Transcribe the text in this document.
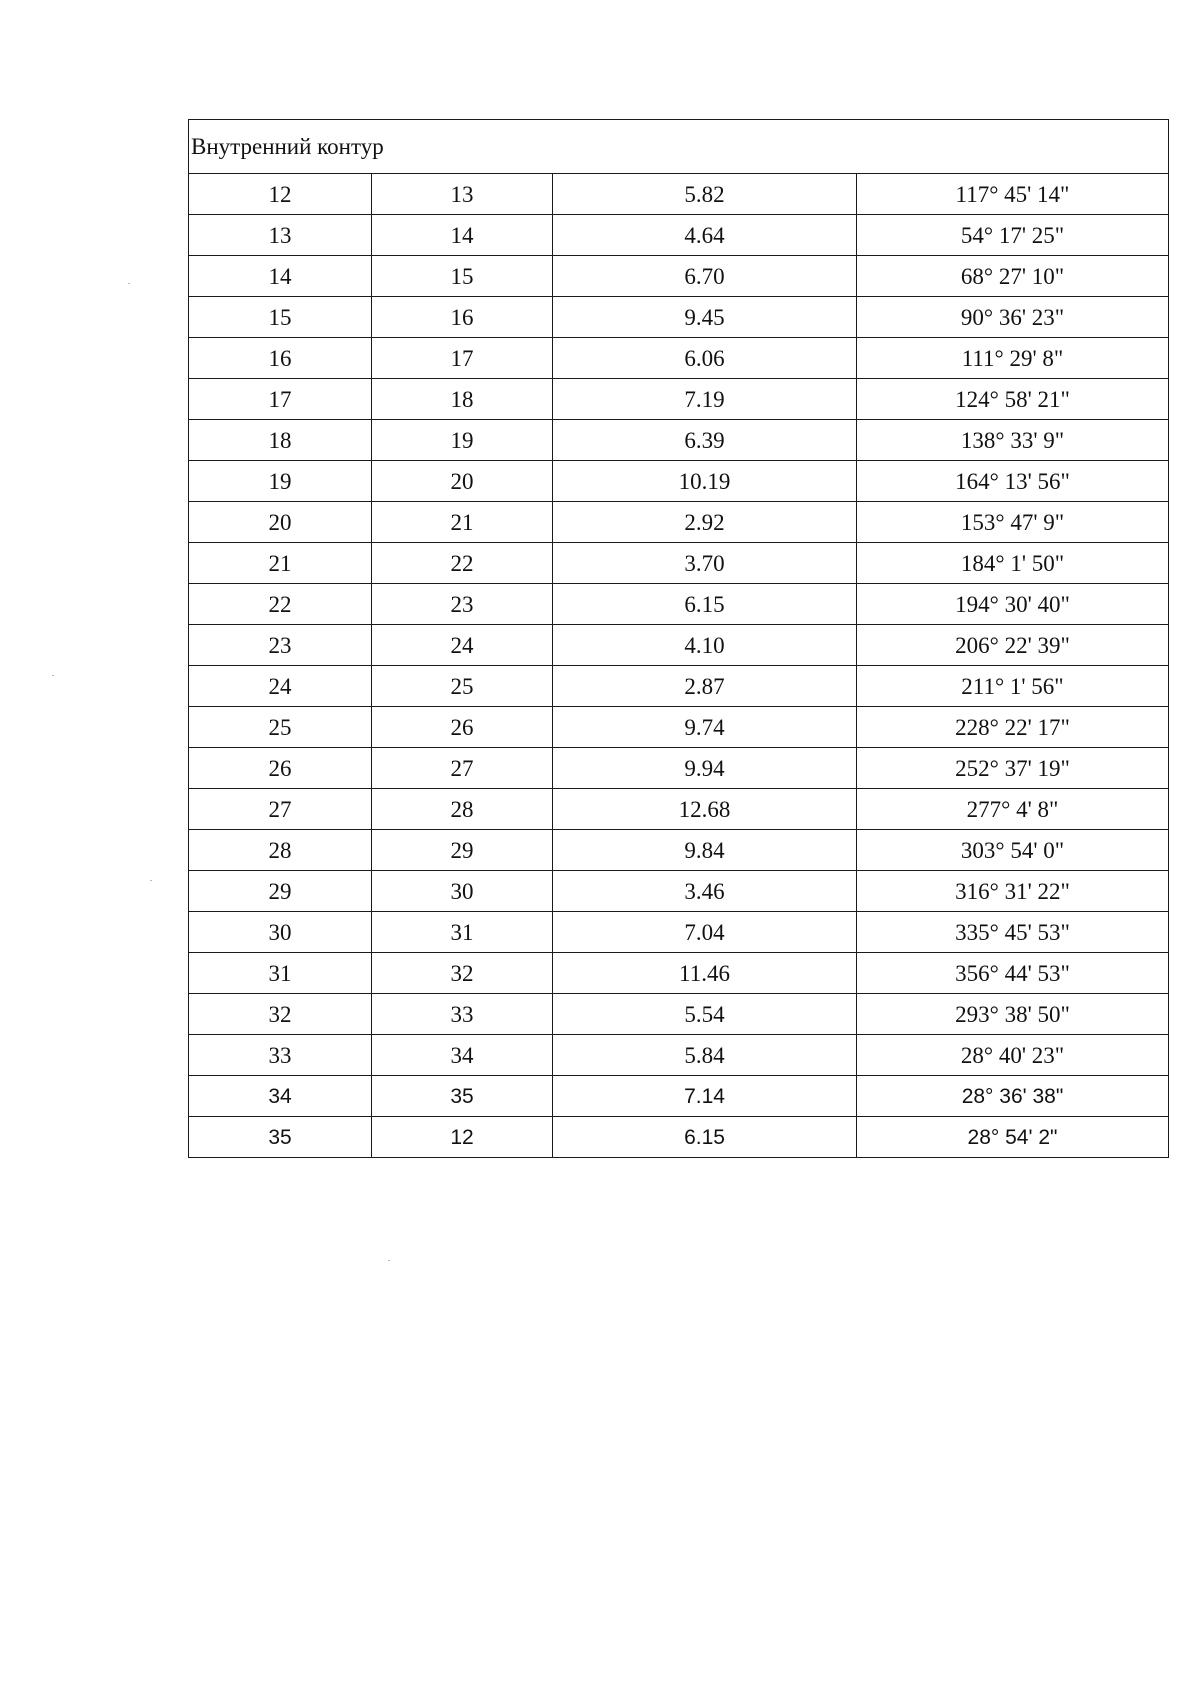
Внутренний контур			
12	13	5.82	117° 45' 14"
13	14	4.64	54° 17' 25"
14	15	6.70	68° 27' 10"
15	16	9.45	90° 36' 23"
16	17	6.06	111° 29' 8"
17	18	7.19	124° 58' 21"
18	19	6.39	138° 33' 9"
19	20	10.19	164° 13' 56"
20	21	2.92	153° 47' 9"
21	22	3.70	184° 1' 50"
22	23	6.15	194° 30' 40"
23	24	4.10	206° 22' 39"
24	25	2.87	211° 1' 56"
25	26	9.74	228° 22' 17"
26	27	9.94	252° 37' 19"
27	28	12.68	277° 4' 8"
28	29	9.84	303° 54' 0"
29	30	3.46	316° 31' 22"
30	31	7.04	335° 45' 53"
31	32	11.46	356° 44' 53"
32	33	5.54	293° 38' 50"
33	34	5.84	28° 40' 23"
34	35	7.14	28° 36' 38"
35	12	6.15	28° 54' 2"
